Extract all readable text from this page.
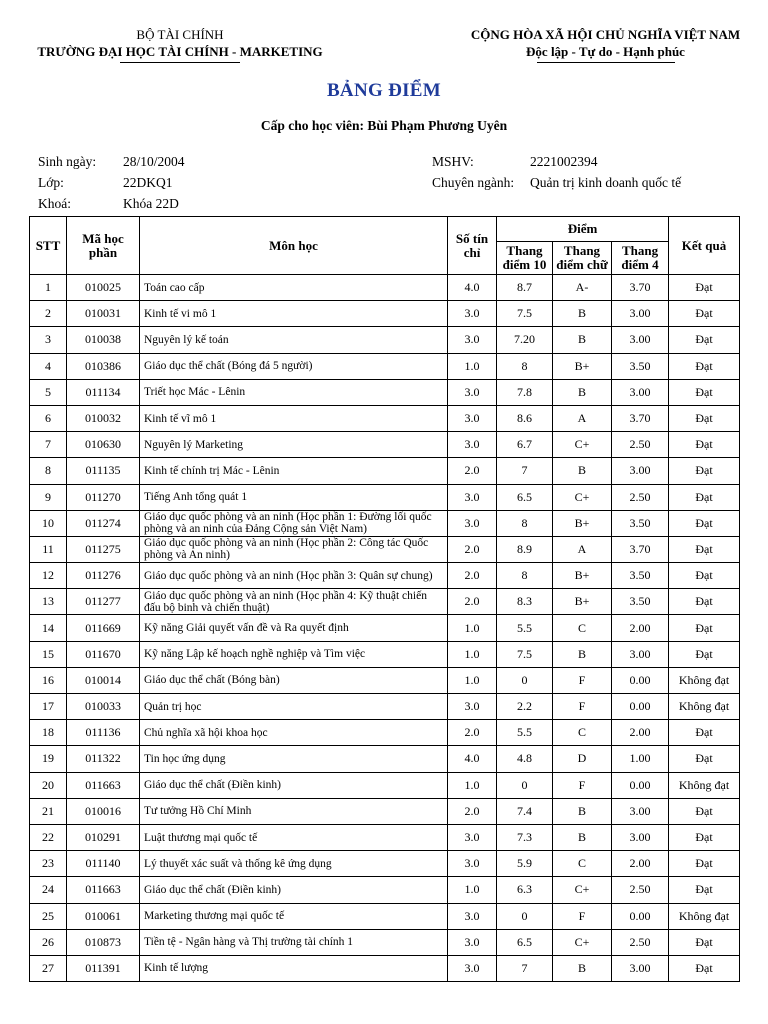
BỘ TÀI CHÍNH
TRƯỜNG ĐẠI HỌC TÀI CHÍNH - MARKETING
CỘNG HÒA XÃ HỘI CHỦ NGHĨA VIỆT NAM
Độc lập - Tự do - Hạnh phúc
BẢNG ĐIỂM
Cấp cho học viên: Bùi Phạm Phương Uyên
Sinh ngày: 28/10/2004
Lớp:	22DKQ1
Khoá:	Khóa 22D
MSHV:	2221002394
Chuyên ngành: Quản trị kinh doanh quốc tế
STT	Mã học phần	Môn học	Số tín chỉ	Điểm			Kết quả
				Thang điểm 10	Thang điểm chữ	Thang điểm 4	
1	010025	Toán cao cấp	4.0	8.7	A-	3.70	Đạt
2	010031	Kinh tế vi mô 1	3.0	7.5	B	3.00	Đạt
3	010038	Nguyên lý kế toán	3.0	7.20	B	3.00	Đạt
4	010386	Giáo dục thể chất (Bóng đá 5 người)	1.0	8	B+	3.50	Đạt
5	011134	Triết học Mác - Lênin	3.0	7.8	B	3.00	Đạt
6	010032	Kinh tế vĩ mô 1	3.0	8.6	A	3.70	Đạt
7	010630	Nguyên lý Marketing	3.0	6.7	C+	2.50	Đạt
8	011135	Kinh tế chính trị Mác - Lênin	2.0	7	B	3.00	Đạt
9	011270	Tiếng Anh tổng quát 1	3.0	6.5	C+	2.50	Đạt
10	011274	Giáo dục quốc phòng và an ninh (Học phần 1: Đường lối quốc phòng và an ninh của Đảng Cộng sản Việt Nam)	3.0	8	B+	3.50	Đạt
11	011275	Giáo dục quốc phòng và an ninh (Học phần 2: Công tác Quốc phòng và An ninh)	2.0	8.9	A	3.70	Đạt
12	011276	Giáo dục quốc phòng và an ninh (Học phần 3: Quân sự chung)	2.0	8	B+	3.50	Đạt
13	011277	Giáo dục quốc phòng và an ninh (Học phần 4: Kỹ thuật chiến đấu bộ binh và chiến thuật)	2.0	8.3	B+	3.50	Đạt
14	011669	Kỹ năng Giải quyết vấn đề và Ra quyết định	1.0	5.5	C	2.00	Đạt
15	011670	Kỹ năng Lập kế hoạch nghề nghiệp và Tìm việc	1.0	7.5	B	3.00	Đạt
16	010014	Giáo dục thể chất (Bóng bàn)	1.0	0	F	0.00	Không đạt
17	010033	Quản trị học	3.0	2.2	F	0.00	Không đạt
18	011136	Chủ nghĩa xã hội khoa học	2.0	5.5	C	2.00	Đạt
19	011322	Tin học ứng dụng	4.0	4.8	D	1.00	Đạt
20	011663	Giáo dục thể chất (Điền kinh)	1.0	0	F	0.00	Không đạt
21	010016	Tư tưởng Hồ Chí Minh	2.0	7.4	B	3.00	Đạt
22	010291	Luật thương mại quốc tế	3.0	7.3	B	3.00	Đạt
23	011140	Lý thuyết xác suất và thống kê ứng dụng	3.0	5.9	C	2.00	Đạt
24	011663	Giáo dục thể chất (Điền kinh)	1.0	6.3	C+	2.50	Đạt
25	010061	Marketing thương mại quốc tế	3.0	0	F	0.00	Không đạt
26	010873	Tiền tệ - Ngân hàng và Thị trường tài chính 1	3.0	6.5	C+	2.50	Đạt
27	011391	Kinh tế lượng	3.0	7	B	3.00	Đạt
